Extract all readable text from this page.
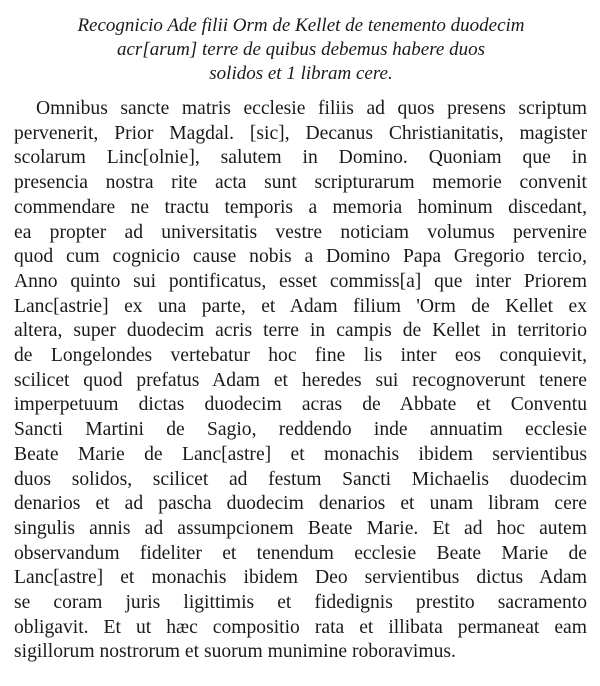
Recognicio Ade filii Orm de Kellet de tenemento duodecim
acr[arum] terre de quibus debemus habere duos
solidos et 1 libram cere.
Omnibus sancte matris ecclesie filiis ad quos presens scriptum
pervenerit, Prior Magdal. [sic], Decanus Christianitatis, magister
scolarum Linc[olnie], salutem in Domino. Quoniam que in
presencia nostra rite acta sunt scripturarum memorie convenit
commendare ne tractu temporis a memoria hominum discedant,
ea propter ad universitatis vestre noticiam volumus pervenire
quod cum cognicio cause nobis a Domino Papa Gregorio tercio,
Anno quinto sui pontificatus, esset commiss[a] que inter Priorem
Lanc[astrie] ex una parte, et Adam filium 'Orm de Kellet ex
altera, super duodecim acris terre in campis de Kellet in territorio
de Longelondes vertebatur hoc fine lis inter eos conquievit,
scilicet quod prefatus Adam et heredes sui recognoverunt tenere
imperpetuum dictas duodecim acras de Abbate et Conventu
Sancti Martini de Sagio, reddendo inde annuatim ecclesie
Beate Marie de Lanc[astre] et monachis ibidem servientibus
duos solidos, scilicet ad festum Sancti Michaelis duodecim
denarios et ad pascha duodecim denarios et unam libram cere
singulis annis ad assumpcionem Beate Marie. Et ad hoc autem
observandum fideliter et tenendum ecclesie Beate Marie de
Lanc[astre] et monachis ibidem Deo servientibus dictus Adam
se coram juris ligittimis et fidedignis prestito sacramento
obligavit. Et ut hæc compositio rata et illibata permaneat eam
sigillorum nostrorum et suorum munimine roboravimus.
